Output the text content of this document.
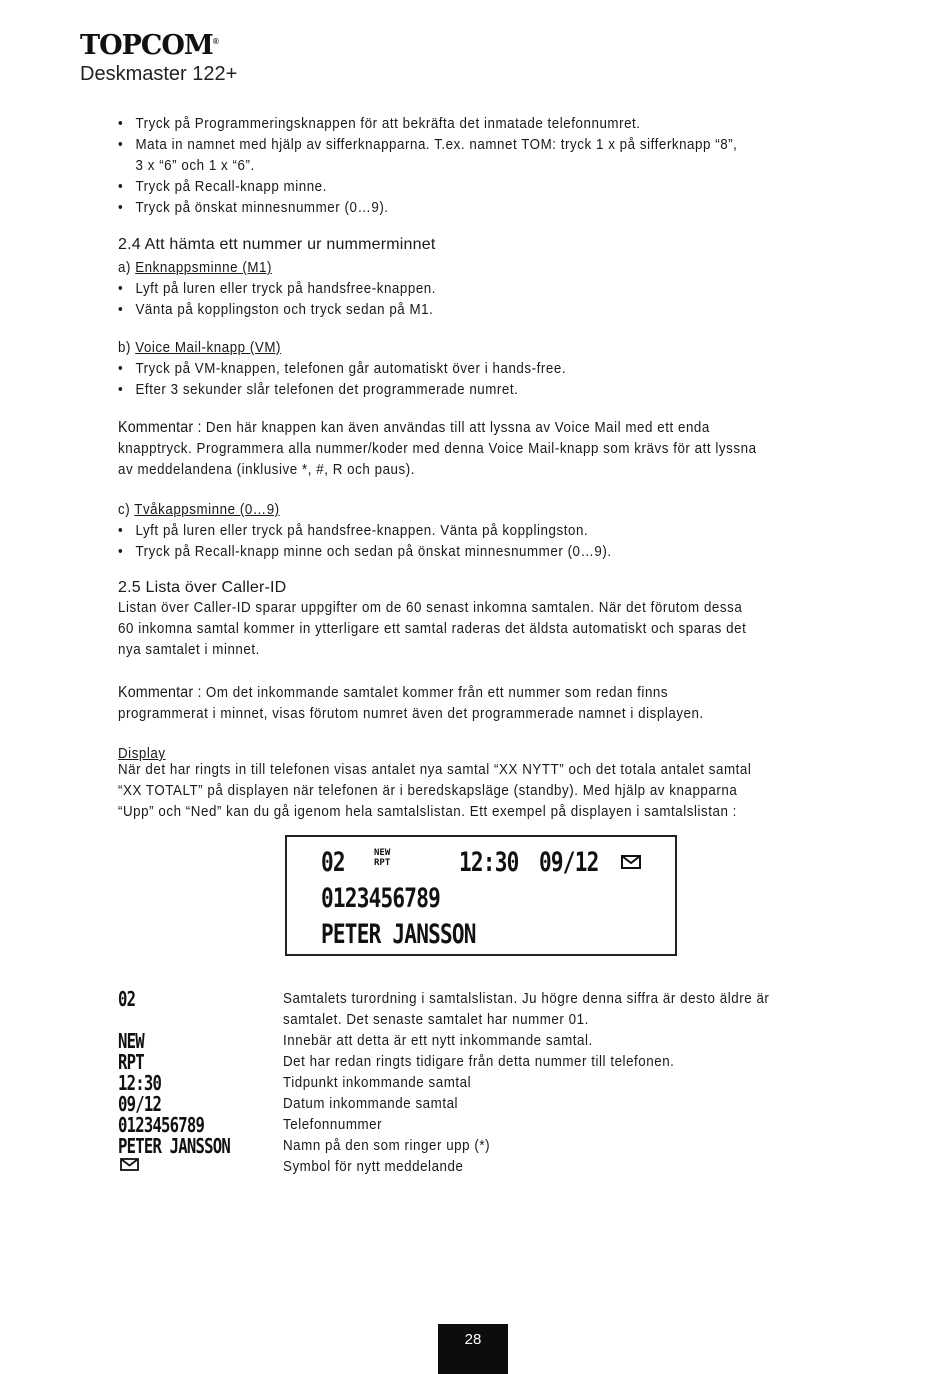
TOPCOM®
Deskmaster 122+
• Tryck på Programmeringsknappen för att bekräfta det inmatade telefonnumret.
• Mata in namnet med hjälp av sifferknapparna. T.ex. namnet TOM: tryck 1 x på sifferknapp “8”,
3 x “6” och 1 x “6”.
• Tryck på Recall-knapp minne.
• Tryck på önskat minnesnummer (0…9).
2.4 Att hämta ett nummer ur nummerminnet
a) Enknappsminne (M1)
• Lyft på luren eller tryck på handsfree-knappen.
• Vänta på kopplingston och tryck sedan på M1.
b) Voice Mail-knapp (VM)
• Tryck på VM-knappen, telefonen går automatiskt över i hands-free.
• Efter 3 sekunder slår telefonen det programmerade numret.
Kommentar : Den här knappen kan även användas till att lyssna av Voice Mail med ett enda
knapptryck. Programmera alla nummer/koder med denna Voice Mail-knapp som krävs för att lyssna
av meddelandena (inklusive *, #, R och paus).
c) Tvåkappsminne (0…9)
• Lyft på luren eller tryck på handsfree-knappen. Vänta på kopplingston.
• Tryck på Recall-knapp minne och sedan på önskat minnesnummer (0…9).
2.5 Lista över Caller-ID
Listan över Caller-ID sparar uppgifter om de 60 senast inkomna samtalen. När det förutom dessa
60 inkomna samtal kommer in ytterligare ett samtal raderas det äldsta automatiskt och sparas det
nya samtalet i minnet.
Kommentar : Om det inkommande samtalet kommer från ett nummer som redan finns
programmerat i minnet, visas förutom numret även det programmerade namnet i displayen.
Display
När det har ringts in till telefonen visas antalet nya samtal “XX NYTT” och det totala antalet samtal
“XX TOTALT” på displayen när telefonen är i beredskapsläge (standby). Med hjälp av knapparna
“Upp” och “Ned” kan du gå igenom hela samtalslistan. Ett exempel på displayen i samtalslistan :
02	NEW
RPT	12:30 09/12
0123456789
PETER JANSSON
02
NEW
RPT
12:30
09/12
0123456789
PETER JANSSON
Samtalets turordning i samtalslistan. Ju högre denna siffra är desto äldre är
samtalet. Det senaste samtalet har nummer 01.
Innebär att detta är ett nytt inkommande samtal.
Det har redan ringts tidigare från detta nummer till telefonen.
Tidpunkt inkommande samtal
Datum inkommande samtal
Telefonnummer
Namn på den som ringer upp (*)
Symbol för nytt meddelande
28
